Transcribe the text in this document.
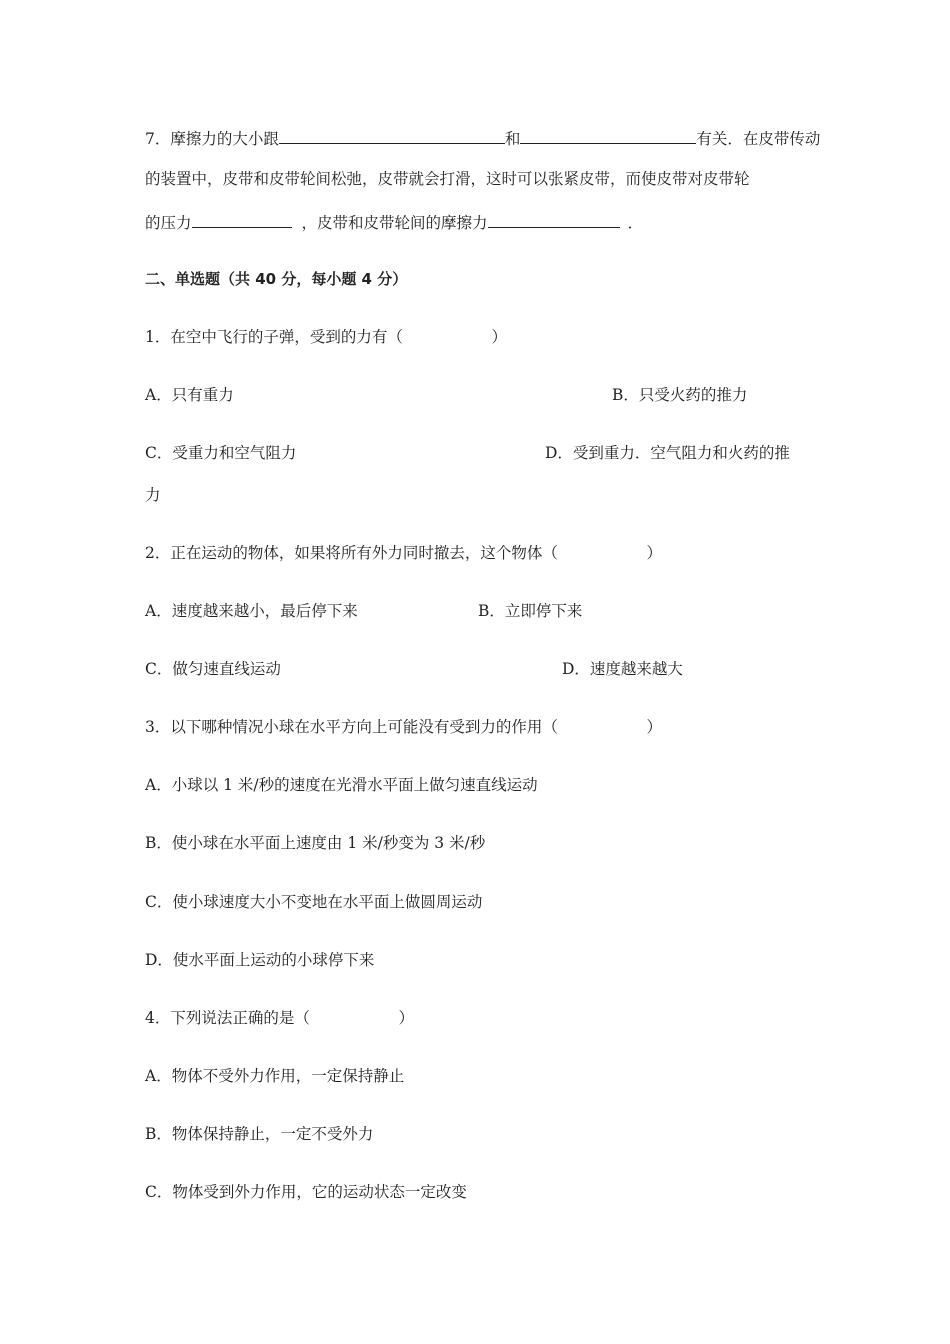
7．摩擦力的大小跟	和	有关．在皮带传动
的装置中，皮带和皮带轮间松弛，皮带就会打滑，这时可以张紧皮带，而使皮带对皮带轮
的压力	，皮带和皮带轮间的摩擦力	．
二、单选题（共 40 分，每小题 4 分）
1．在空中飞行的子弹，受到的力有（                  ）
A．只有重力	B．只受火药的推力
C．受重力和空气阻力	D．受到重力．空气阻力和火药的推
力
2．正在运动的物体，如果将所有外力同时撤去，这个物体（                  ）
A．速度越来越小，最后停下来	B．立即停下来
C．做匀速直线运动	D．速度越来越大
3．以下哪种情况小球在水平方向上可能没有受到力的作用（                  ）
A．小球以 1 米/秒的速度在光滑水平面上做匀速直线运动
B．使小球在水平面上速度由 1 米/秒变为 3 米/秒
C．使小球速度大小不变地在水平面上做圆周运动
D．使水平面上运动的小球停下来
4．下列说法正确的是（                  ）
A．物体不受外力作用，一定保持静止
B．物体保持静止，一定不受外力
C．物体受到外力作用，它的运动状态一定改变
